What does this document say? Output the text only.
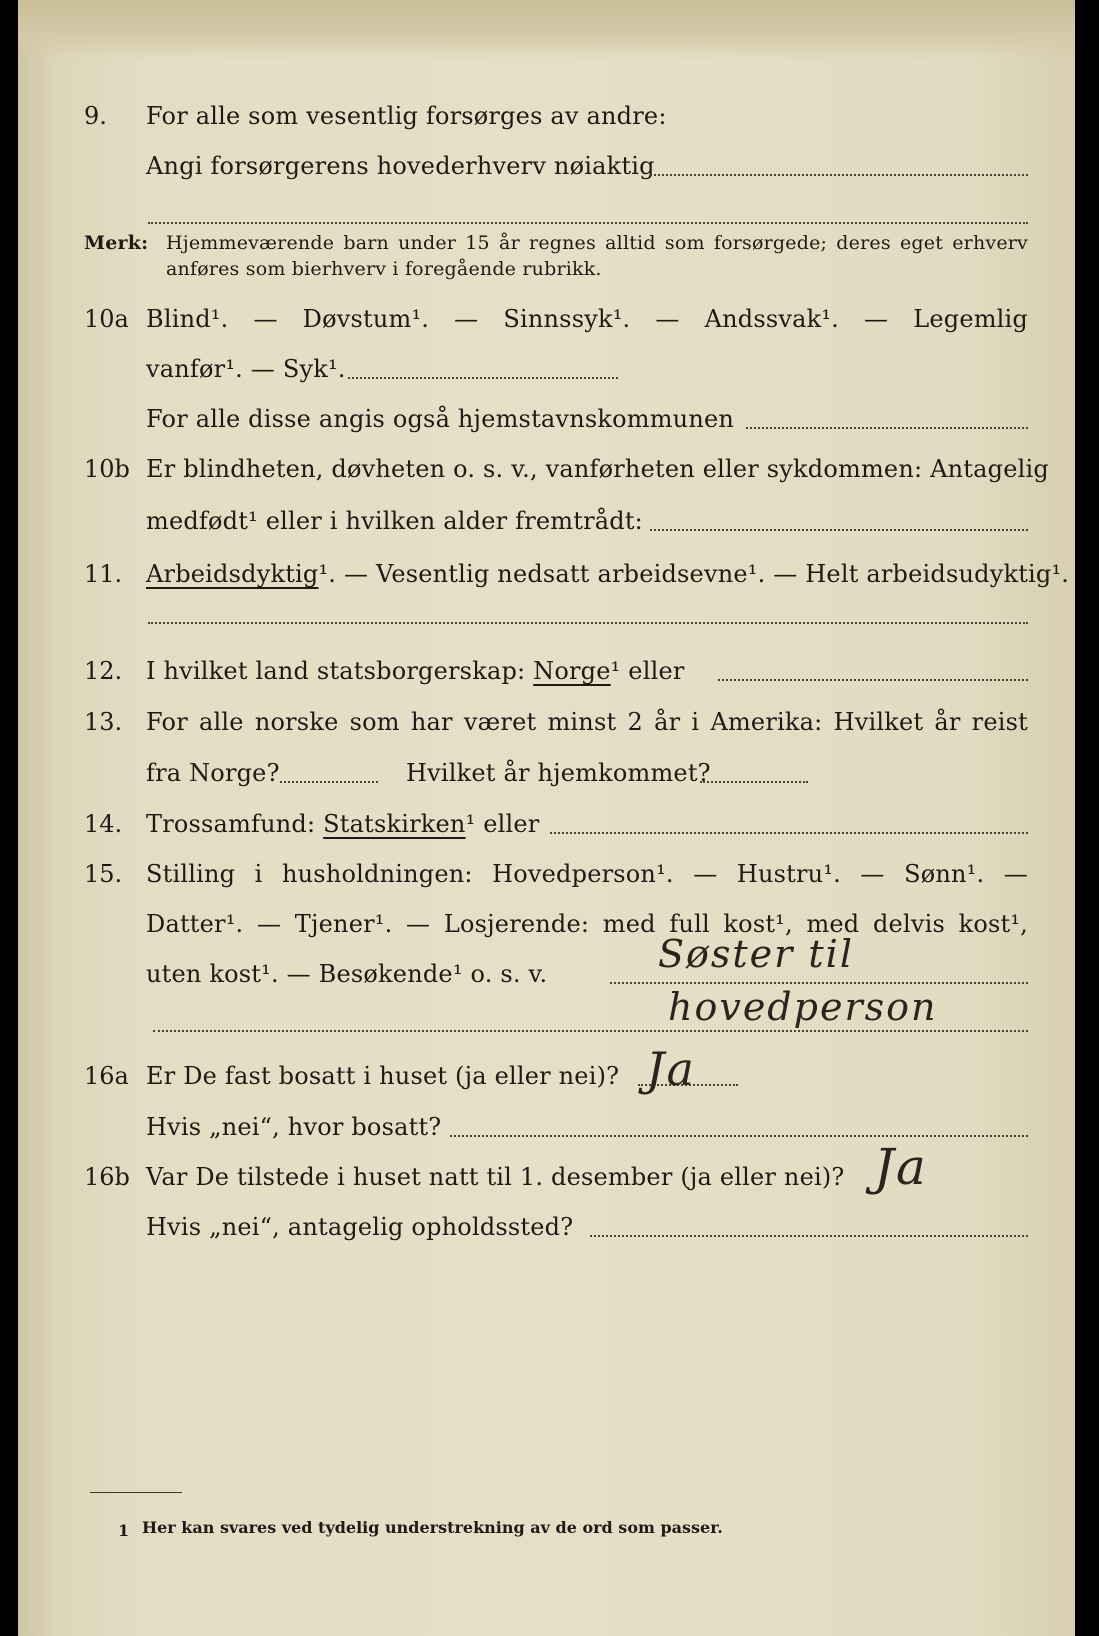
9. For alle som vesentlig forsørges av andre:
Angi forsørgerens hovederhverv nøiaktig
Merk: Hjemmeværende barn under 15 år regnes alltid som forsørgede; deres eget erhverv
anføres som bierhverv i foregående rubrikk.
10a Blind¹. — Døvstum¹. — Sinnssyk¹. — Andssvak¹. — Legemlig
vanfør¹. — Syk¹.
For alle disse angis også hjemstavnskommunen
10b Er blindheten, døvheten o. s. v., vanførheten eller sykdommen: Antagelig
medfødt¹ eller i hvilken alder fremtrådt:
11. Arbeidsdyktig¹. — Vesentlig nedsatt arbeidsevne¹. — Helt arbeidsudyktig¹.
12. I hvilket land statsborgerskap: Norge¹ eller
13. For alle norske som har været minst 2 år i Amerika: Hvilket år reist
fra Norge?	Hvilket år hjemkommet?
14. Trossamfund: Statskirken¹ eller
15. Stilling i husholdningen: Hovedperson¹. — Hustru¹. — Sønn¹. —
Datter¹. — Tjener¹. — Losjerende: med full kost¹, med delvis kost¹,
uten kost¹. — Besøkende¹ o. s. v.	Søster til
hovedperson
16a Er De fast bosatt i huset (ja eller nei)? Ja
Hvis „nei“, hvor bosatt?
16b Var De tilstede i huset natt til 1. desember (ja eller nei)? Ja
Hvis „nei“, antagelig opholdssted?
1 Her kan svares ved tydelig understrekning av de ord som passer.
